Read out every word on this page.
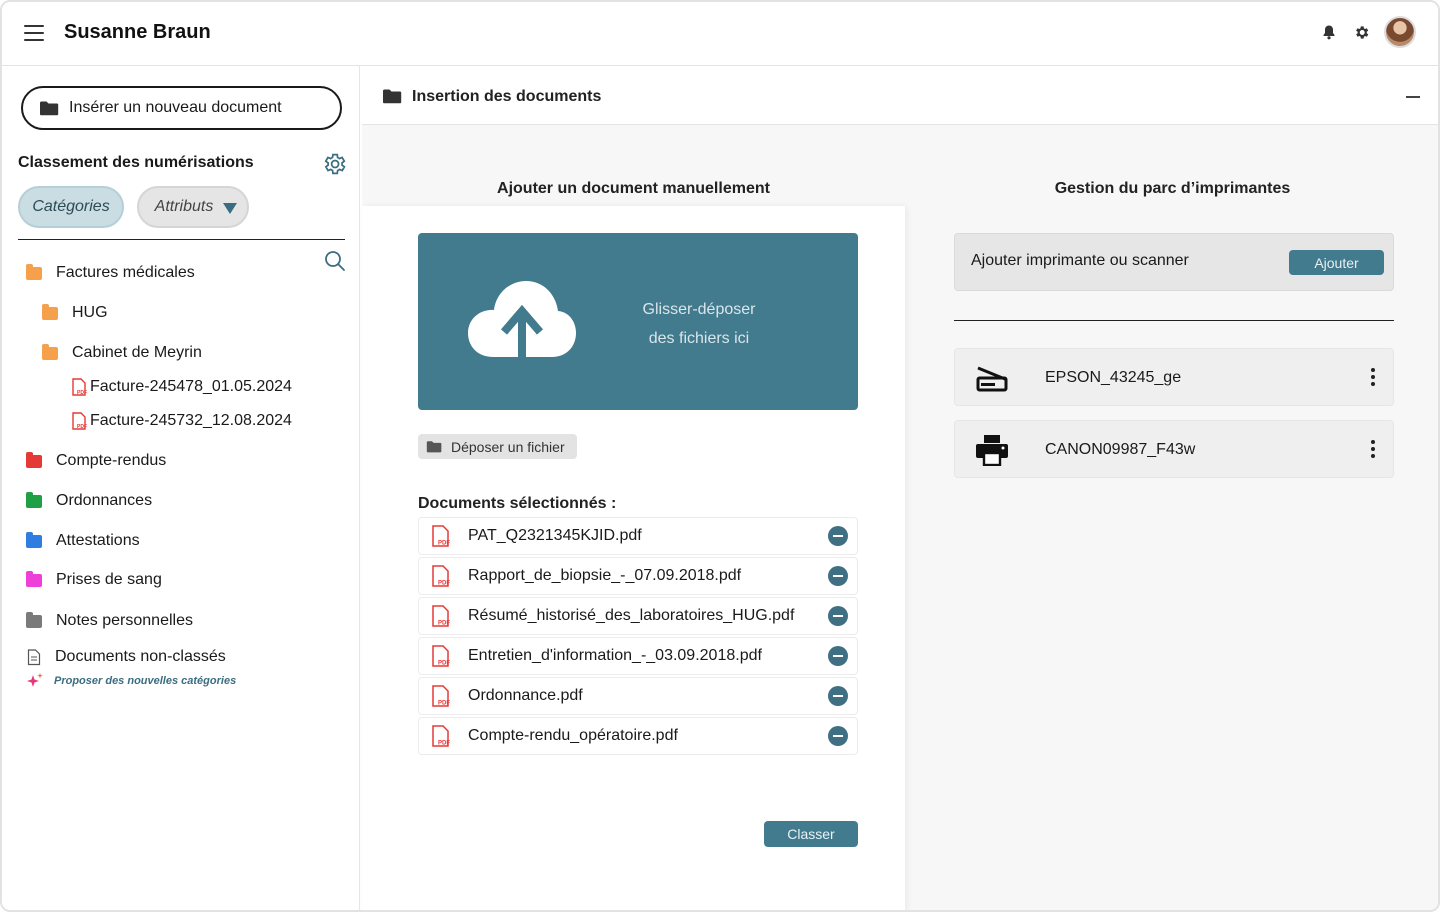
Susanne Braun
Insérer un nouveau document
Classement des numérisations
Catégories	Attributs
Factures médicales
HUG
Cabinet de Meyrin
PDF Facture-245478_01.05.2024
PDF Facture-245732_12.08.2024
Compte-rendus
Ordonnances
Attestations
Prises de sang
Notes personnelles
Documents non-classés
Proposer des nouvelles catégories
Insertion des documents
Ajouter un document manuellement	Gestion du parc d’imprimantes
Glisser-déposer
des fichiers ici
Déposer un fichier
Documents sélectionnés :
PDF PAT_Q2321345KJID.pdf
PDF Rapport_de_biopsie_-_07.09.2018.pdf
PDF Résumé_historisé_des_laboratoires_HUG.pdf
PDF Entretien_d'information_-_03.09.2018.pdf
PDF Ordonnance.pdf
PDF Compte-rendu_opératoire.pdf
Classer
Ajouter imprimante ou scanner	Ajouter
EPSON_43245_ge
CANON09987_F43w
